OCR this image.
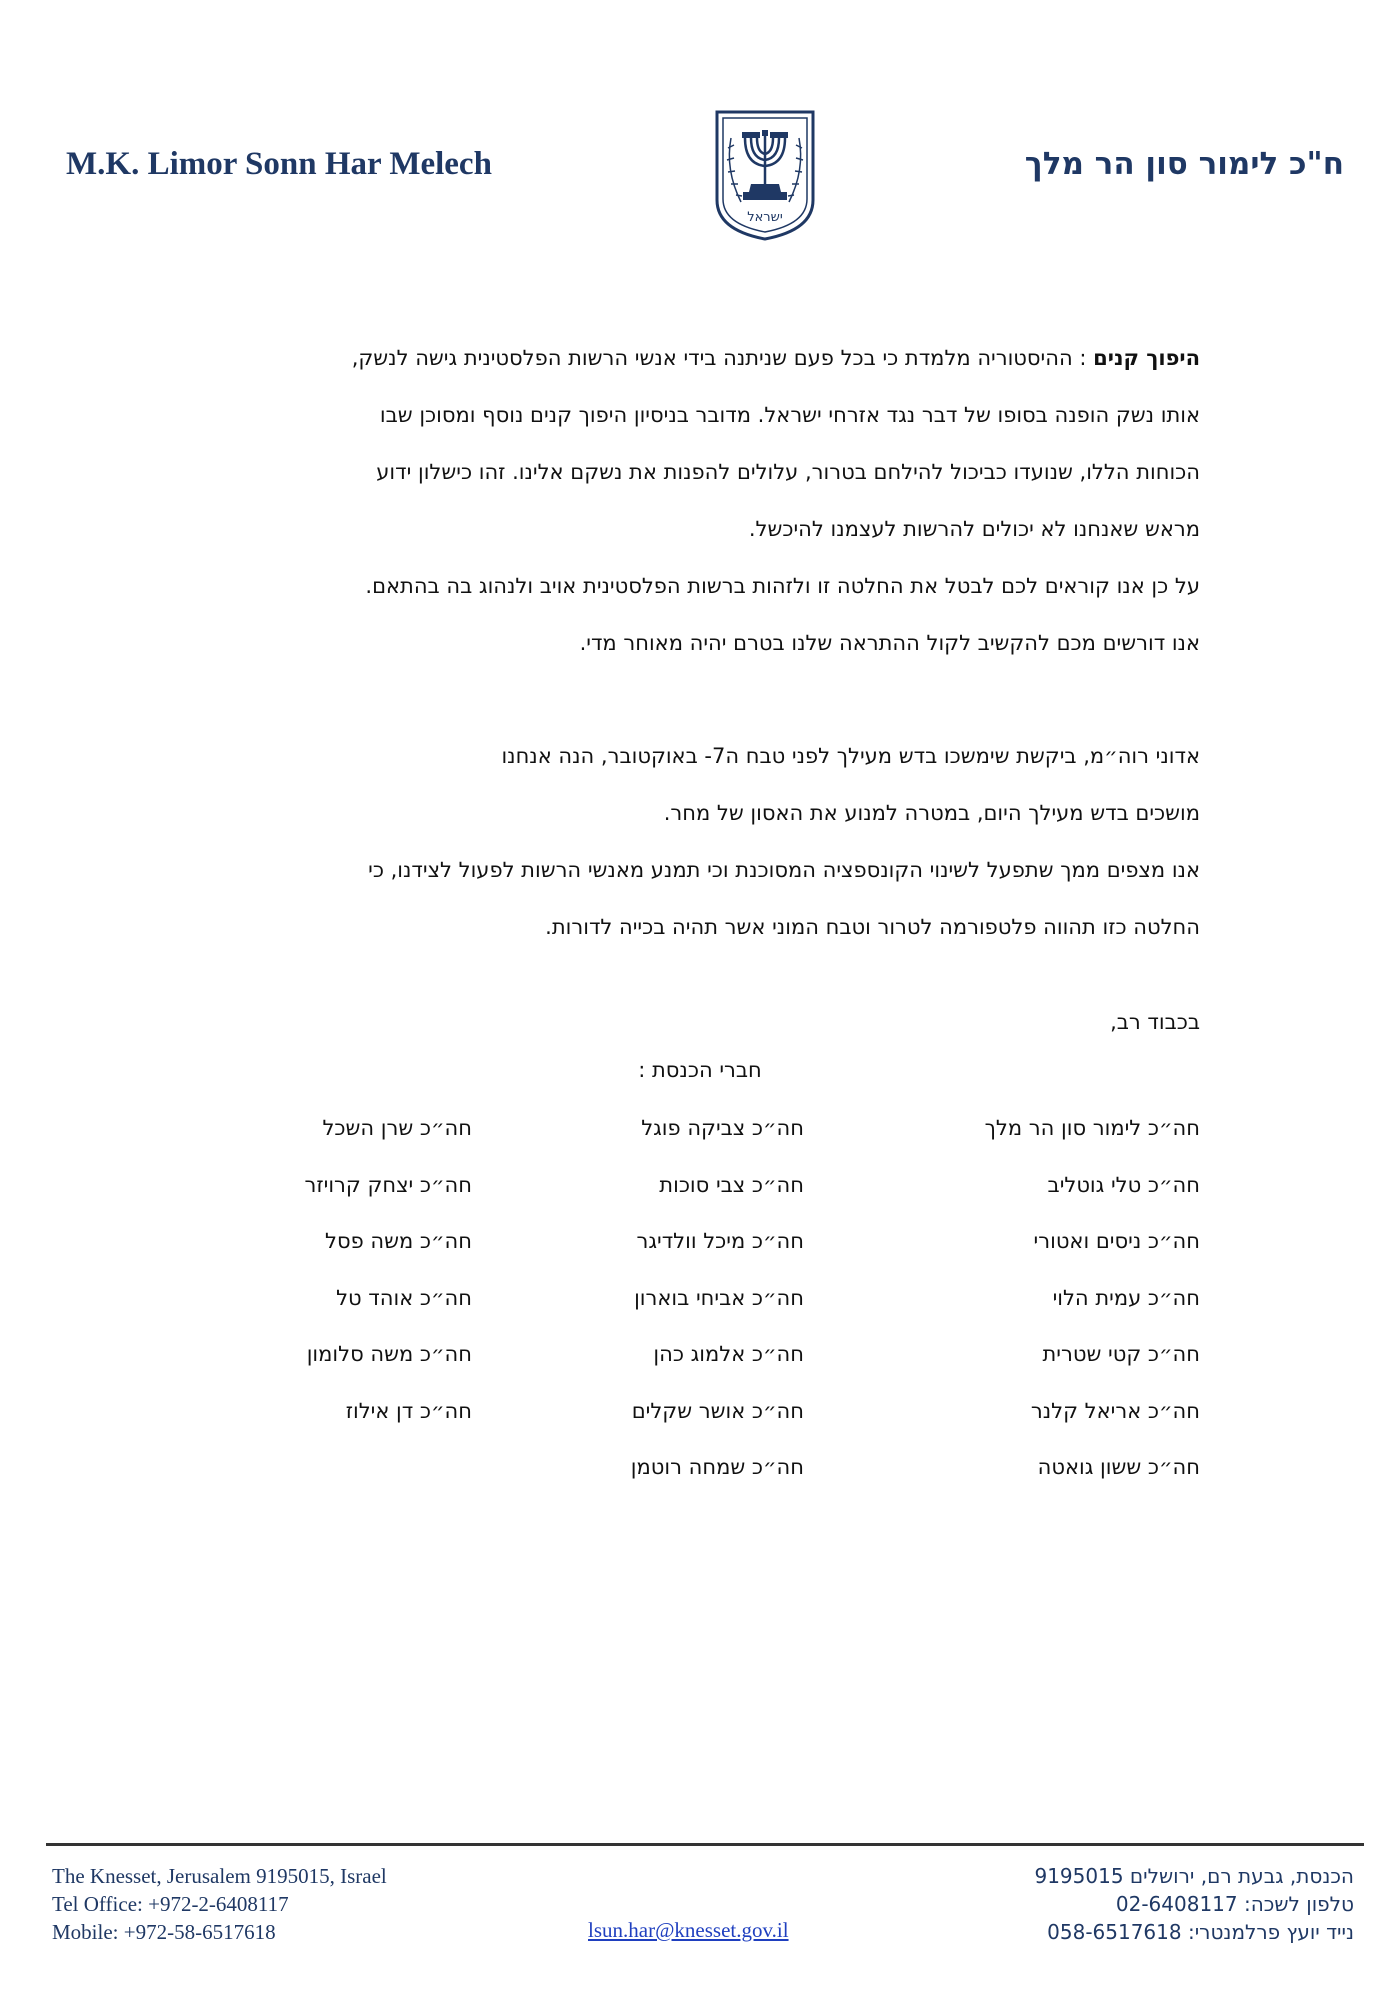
M.K. Limor Sonn Har Melech
ישראל
ח"כ לימור סון הר מלך
היפוך קנים : ההיסטוריה מלמדת כי בכל פעם שניתנה בידי אנשי הרשות הפלסטינית גישה לנשק,
אותו נשק הופנה בסופו של דבר נגד אזרחי ישראל. מדובר בניסיון היפוך קנים נוסף ומסוכן שבו
הכוחות הללו, שנועדו כביכול להילחם בטרור, עלולים להפנות את נשקם אלינו. זהו כישלון ידוע
מראש שאנחנו לא יכולים להרשות לעצמנו להיכשל.
על כן אנו קוראים לכם לבטל את החלטה זו ולזהות ברשות הפלסטינית אויב ולנהוג בה בהתאם.
אנו דורשים מכם להקשיב לקול ההתראה שלנו בטרם יהיה מאוחר מדי.
אדוני רוה״מ, ביקשת שימשכו בדש מעילך לפני טבח ה7- באוקטובר, הנה אנחנו
מושכים בדש מעילך היום, במטרה למנוע את האסון של מחר.
אנו מצפים ממך שתפעל לשינוי הקונספציה המסוכנת וכי תמנע מאנשי הרשות לפעול לצידנו, כי
החלטה כזו תהווה פלטפורמה לטרור וטבח המוני אשר תהיה בכייה לדורות.
בכבוד רב,
חברי הכנסת :
חה״כ לימור סון הר מלך
חה״כ צביקה פוגל
חה״כ שרן השכל
חה״כ טלי גוטליב
חה״כ צבי סוכות
חה״כ יצחק קרויזר
חה״כ ניסים ואטורי
חה״כ מיכל וולדיגר
חה״כ משה פסל
חה״כ עמית הלוי
חה״כ אביחי בוארון
חה״כ אוהד טל
חה״כ קטי שטרית
חה״כ אלמוג כהן
חה״כ משה סלומון
חה״כ אריאל קלנר
חה״כ אושר שקלים
חה״כ דן אילוז
חה״כ ששון גואטה
חה״כ שמחה רוטמן
The Knesset, Jerusalem 9195015, Israel
Tel Office: +972-2-6408117
Mobile: +972-58-6517618	lsun.har@knesset.gov.il
הכנסת, גבעת רם, ירושלים 9195015
טלפון לשכה: 02-6408117
נייד יועץ פרלמנטרי: 058-6517618
